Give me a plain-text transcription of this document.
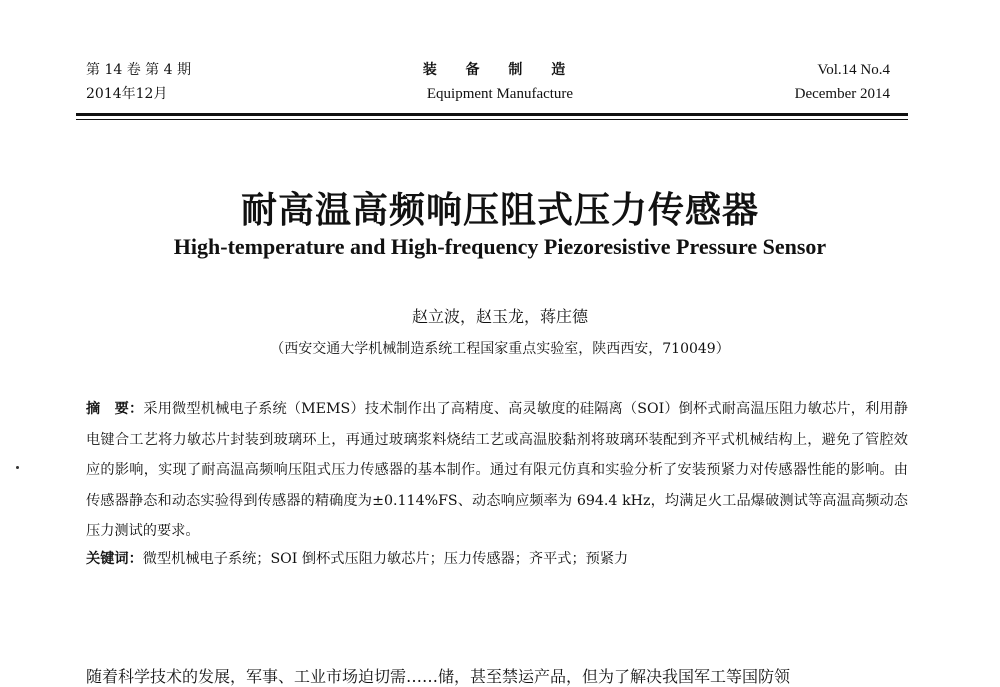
第 14 卷 第 4 期
2014年12月
装 备 制 造
Equipment Manufacture
Vol.14 No.4
December 2014
耐高温高频响压阻式压力传感器
High-temperature and High-frequency Piezoresistive Pressure Sensor
赵立波，赵玉龙，蒋庄德
（西安交通大学机械制造系统工程国家重点实验室，陕西西安，710049）
摘　要：采用微型机械电子系统（MEMS）技术制作出了高精度、高灵敏度的硅隔离（SOI）倒杯式耐高温压阻力敏芯片，利用静电键合工艺将力敏芯片封装到玻璃环上，再通过玻璃浆料烧结工艺或高温胶黏剂将玻璃环装配到齐平式机械结构上，避免了管腔效应的影响，实现了耐高温高频响压阻式压力传感器的基本制作。通过有限元仿真和实验分析了安装预紧力对传感器性能的影响。由传感器静态和动态实验得到传感器的精确度为±0.114%FS、动态响应频率为 694.4 kHz，均满足火工品爆破测试等高温高频动态压力测试的要求。
关键词：微型机械电子系统；SOI 倒杯式压阻力敏芯片；压力传感器；齐平式；预紧力
随着科学技术的发展，军事、工业市场迫切需……储，甚至禁运产品，但为了解决我国军工等国防领
